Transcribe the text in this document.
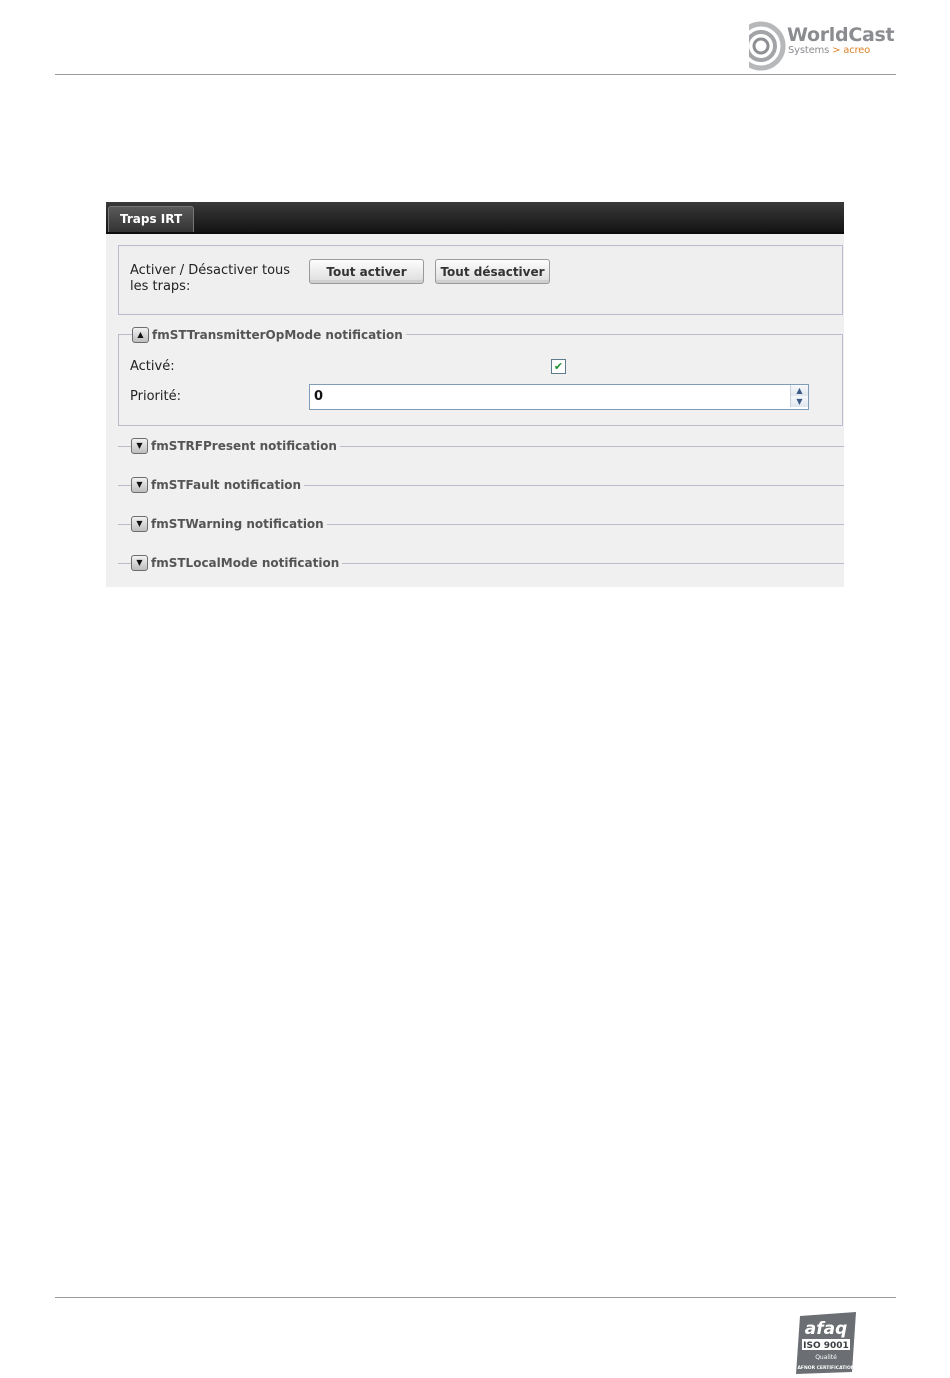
WorldCast
Systems > acreo
Traps IRT
Activer / Désactiver tous les traps:
Tout activer	Tout désactiver
▲ fmSTTransmitterOpMode notification
Activé:	✔
Priorité:
0	▲
▼
▼ fmSTRFPresent notification
▼ fmSTFault notification
▼ fmSTWarning notification
▼ fmSTLocalMode notification
afaq
ISO 9001
Qualité
AFNOR CERTIFICATION
